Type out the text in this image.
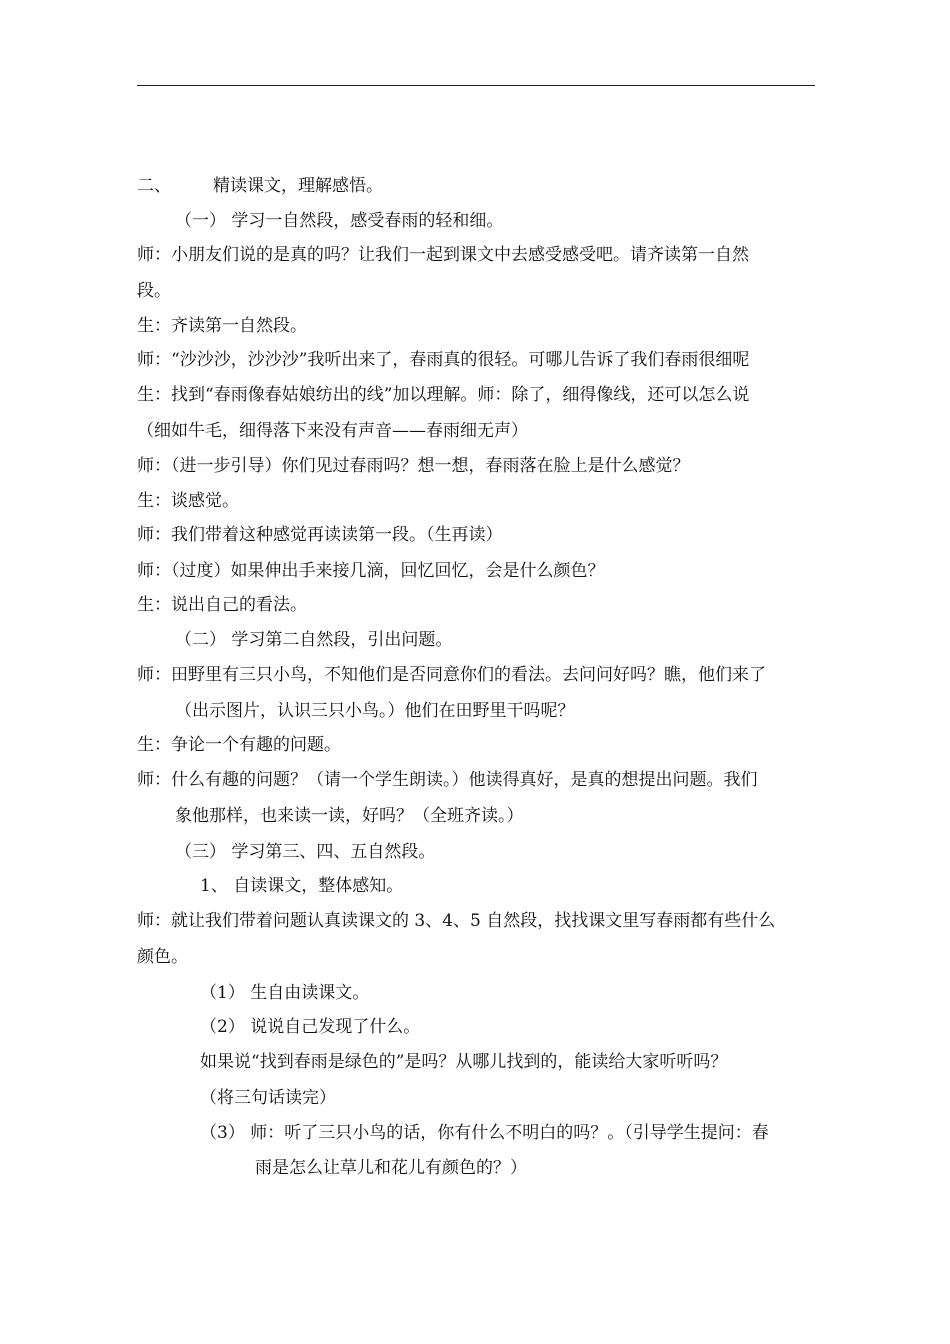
二、 精读课文，理解感悟。
（一） 学习一自然段，感受春雨的轻和细。
师：小朋友们说的是真的吗？让我们一起到课文中去感受感受吧。请齐读第一自然
段。
生：齐读第一自然段。
师：“沙沙沙，沙沙沙”我听出来了，春雨真的很轻。可哪儿告诉了我们春雨很细呢
生：找到“春雨像春姑娘纺出的线”加以理解。师：除了，细得像线，还可以怎么说
（细如牛毛，细得落下来没有声音——春雨细无声）
师：（进一步引导）你们见过春雨吗？想一想，春雨落在脸上是什么感觉？
生：谈感觉。
师：我们带着这种感觉再读读第一段。（生再读）
师：（过度）如果伸出手来接几滴，回忆回忆，会是什么颜色？
生：说出自己的看法。
（二） 学习第二自然段，引出问题。
师：田野里有三只小鸟，不知他们是否同意你们的看法。去问问好吗？瞧，他们来了
（出示图片，认识三只小鸟。）他们在田野里干吗呢？
生：争论一个有趣的问题。
师：什么有趣的问题？（请一个学生朗读。）他读得真好，是真的想提出问题。我们
象他那样，也来读一读，好吗？（全班齐读。）
（三） 学习第三、四、五自然段。
1、 自读课文，整体感知。
师：就让我们带着问题认真读课文的 3、4、5 自然段，找找课文里写春雨都有些什么
颜色。
（1） 生自由读课文。
（2） 说说自己发现了什么。
如果说“找到春雨是绿色的”是吗？从哪儿找到的，能读给大家听听吗？
（将三句话读完）
（3） 师：听了三只小鸟的话，你有什么不明白的吗？。（引导学生提问：春
雨是怎么让草儿和花儿有颜色的？）
